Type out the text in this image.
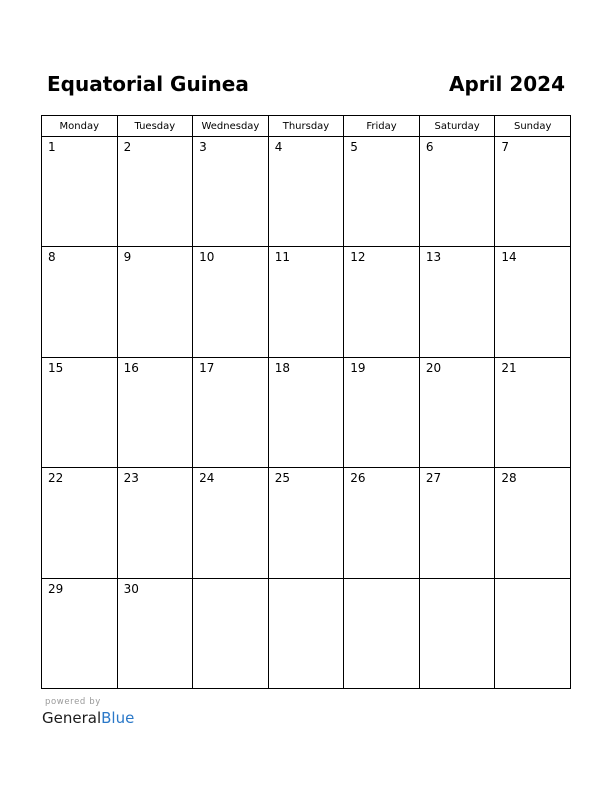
Equatorial Guinea	April 2024
Monday	Tuesday	Wednesday	Thursday	Friday	Saturday	Sunday

1	2	3	4	5	6	7

8	9	10	11	12	13	14

15	16	17	18	19	20	21

22	23	24	25	26	27	28

29	30					

powered by
GeneralBlue
